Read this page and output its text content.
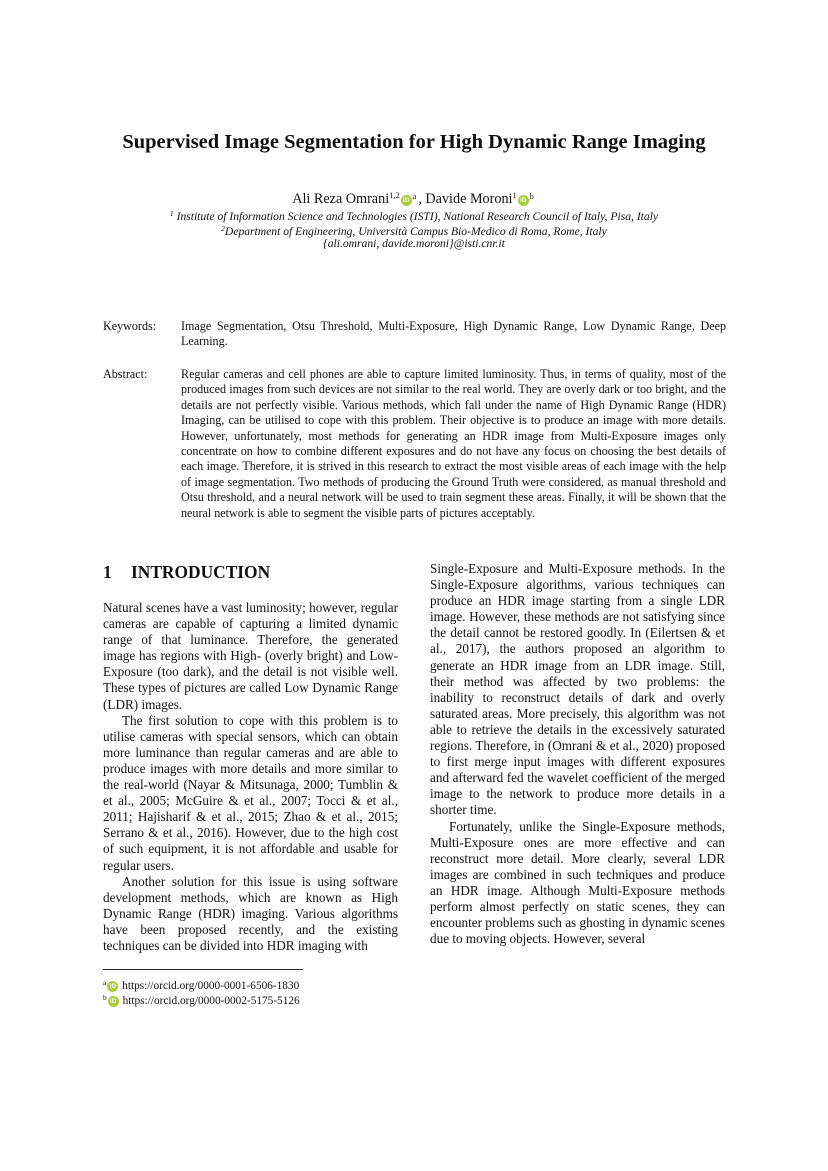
Supervised Image Segmentation for High Dynamic Range Imaging
Ali Reza Omrani$^{1,2}$iD $^a$ , Davide Moroni$^1$iD $^b$
$^1$ Institute of Information Science and Technologies (ISTI), National Research Council of Italy, Pisa, Italy
$^2$Department of Engineering, Università Campus Bio-Medico di Roma, Rome, Italy
{ali.omrani, davide.moroni}@isti.cnr.it
Keywords: Image Segmentation, Otsu Threshold, Multi-Exposure, High Dynamic Range, Low Dynamic Range, Deep Learning.
Abstract:	Regular cameras and cell phones are able to capture limited luminosity. Thus, in terms of quality, most of the produced images from such devices are not similar to the real world. They are overly dark or too bright, and the details are not perfectly visible. Various methods, which fall under the name of High Dynamic Range (HDR) Imaging, can be utilised to cope with this problem. Their objective is to produce an image with more details. However, unfortunately, most methods for generating an HDR image from Multi-Exposure images only concentrate on how to combine different exposures and do not have any focus on choosing the best details of each image. Therefore, it is strived in this research to extract the most visible areas of each image with the help of image segmentation. Two methods of producing the Ground Truth were considered, as manual threshold and Otsu threshold, and a neural network will be used to train segment these areas. Finally, it will be shown that the neural network is able to segment the visible parts of pictures acceptably.
1 INTRODUCTION

Natural scenes have a vast luminosity; however, regular cameras are capable of capturing a limited dynamic range of that luminance. Therefore, the generated image has regions with High- (overly bright) and Low- Exposure (too dark), and the detail is not visible well. These types of pictures are called Low Dynamic Range (LDR) images.

The first solution to cope with this problem is to utilise cameras with special sensors, which can obtain more luminance than regular cameras and are able to produce images with more details and more similar to the real-world (Nayar & Mitsunaga, 2000; Tumblin & et al., 2005; McGuire & et al., 2007; Tocci & et al., 2011; Hajisharif & et al., 2015; Zhao & et al., 2015; Serrano & et al., 2016). However, due to the high cost of such equipment, it is not affordable and usable for regular users.

Another solution for this issue is using software development methods, which are known as High Dynamic Range (HDR) imaging. Various algorithms have been proposed recently, and the existing techniques can be divided into HDR imaging with

Single-Exposure and Multi-Exposure methods. In the Single-Exposure algorithms, various techniques can produce an HDR image starting from a single LDR image. However, these methods are not satisfying since the detail cannot be restored goodly. In (Eilertsen & et al., 2017), the authors proposed an algorithm to generate an HDR image from an LDR image. Still, their method was affected by two problems: the inability to reconstruct details of dark and overly saturated areas. More precisely, this algorithm was not able to retrieve the details in the excessively saturated regions. Therefore, in (Omrani & et al., 2020) proposed to first merge input images with different exposures and afterward fed the wavelet coefficient of the merged image to the network to produce more details in a shorter time.

Fortunately, unlike the Single-Exposure methods, Multi-Exposure ones are more effective and can reconstruct more detail. More clearly, several LDR images are combined in such techniques and produce an HDR image. Although Multi-Exposure methods perform almost perfectly on static scenes, they can encounter problems such as ghosting in dynamic scenes due to moving objects. However, several

$^a$ iD https://orcid.org/0000-0001-6506-1830
$^b$ iD https://orcid.org/0000-0002-5175-5126
